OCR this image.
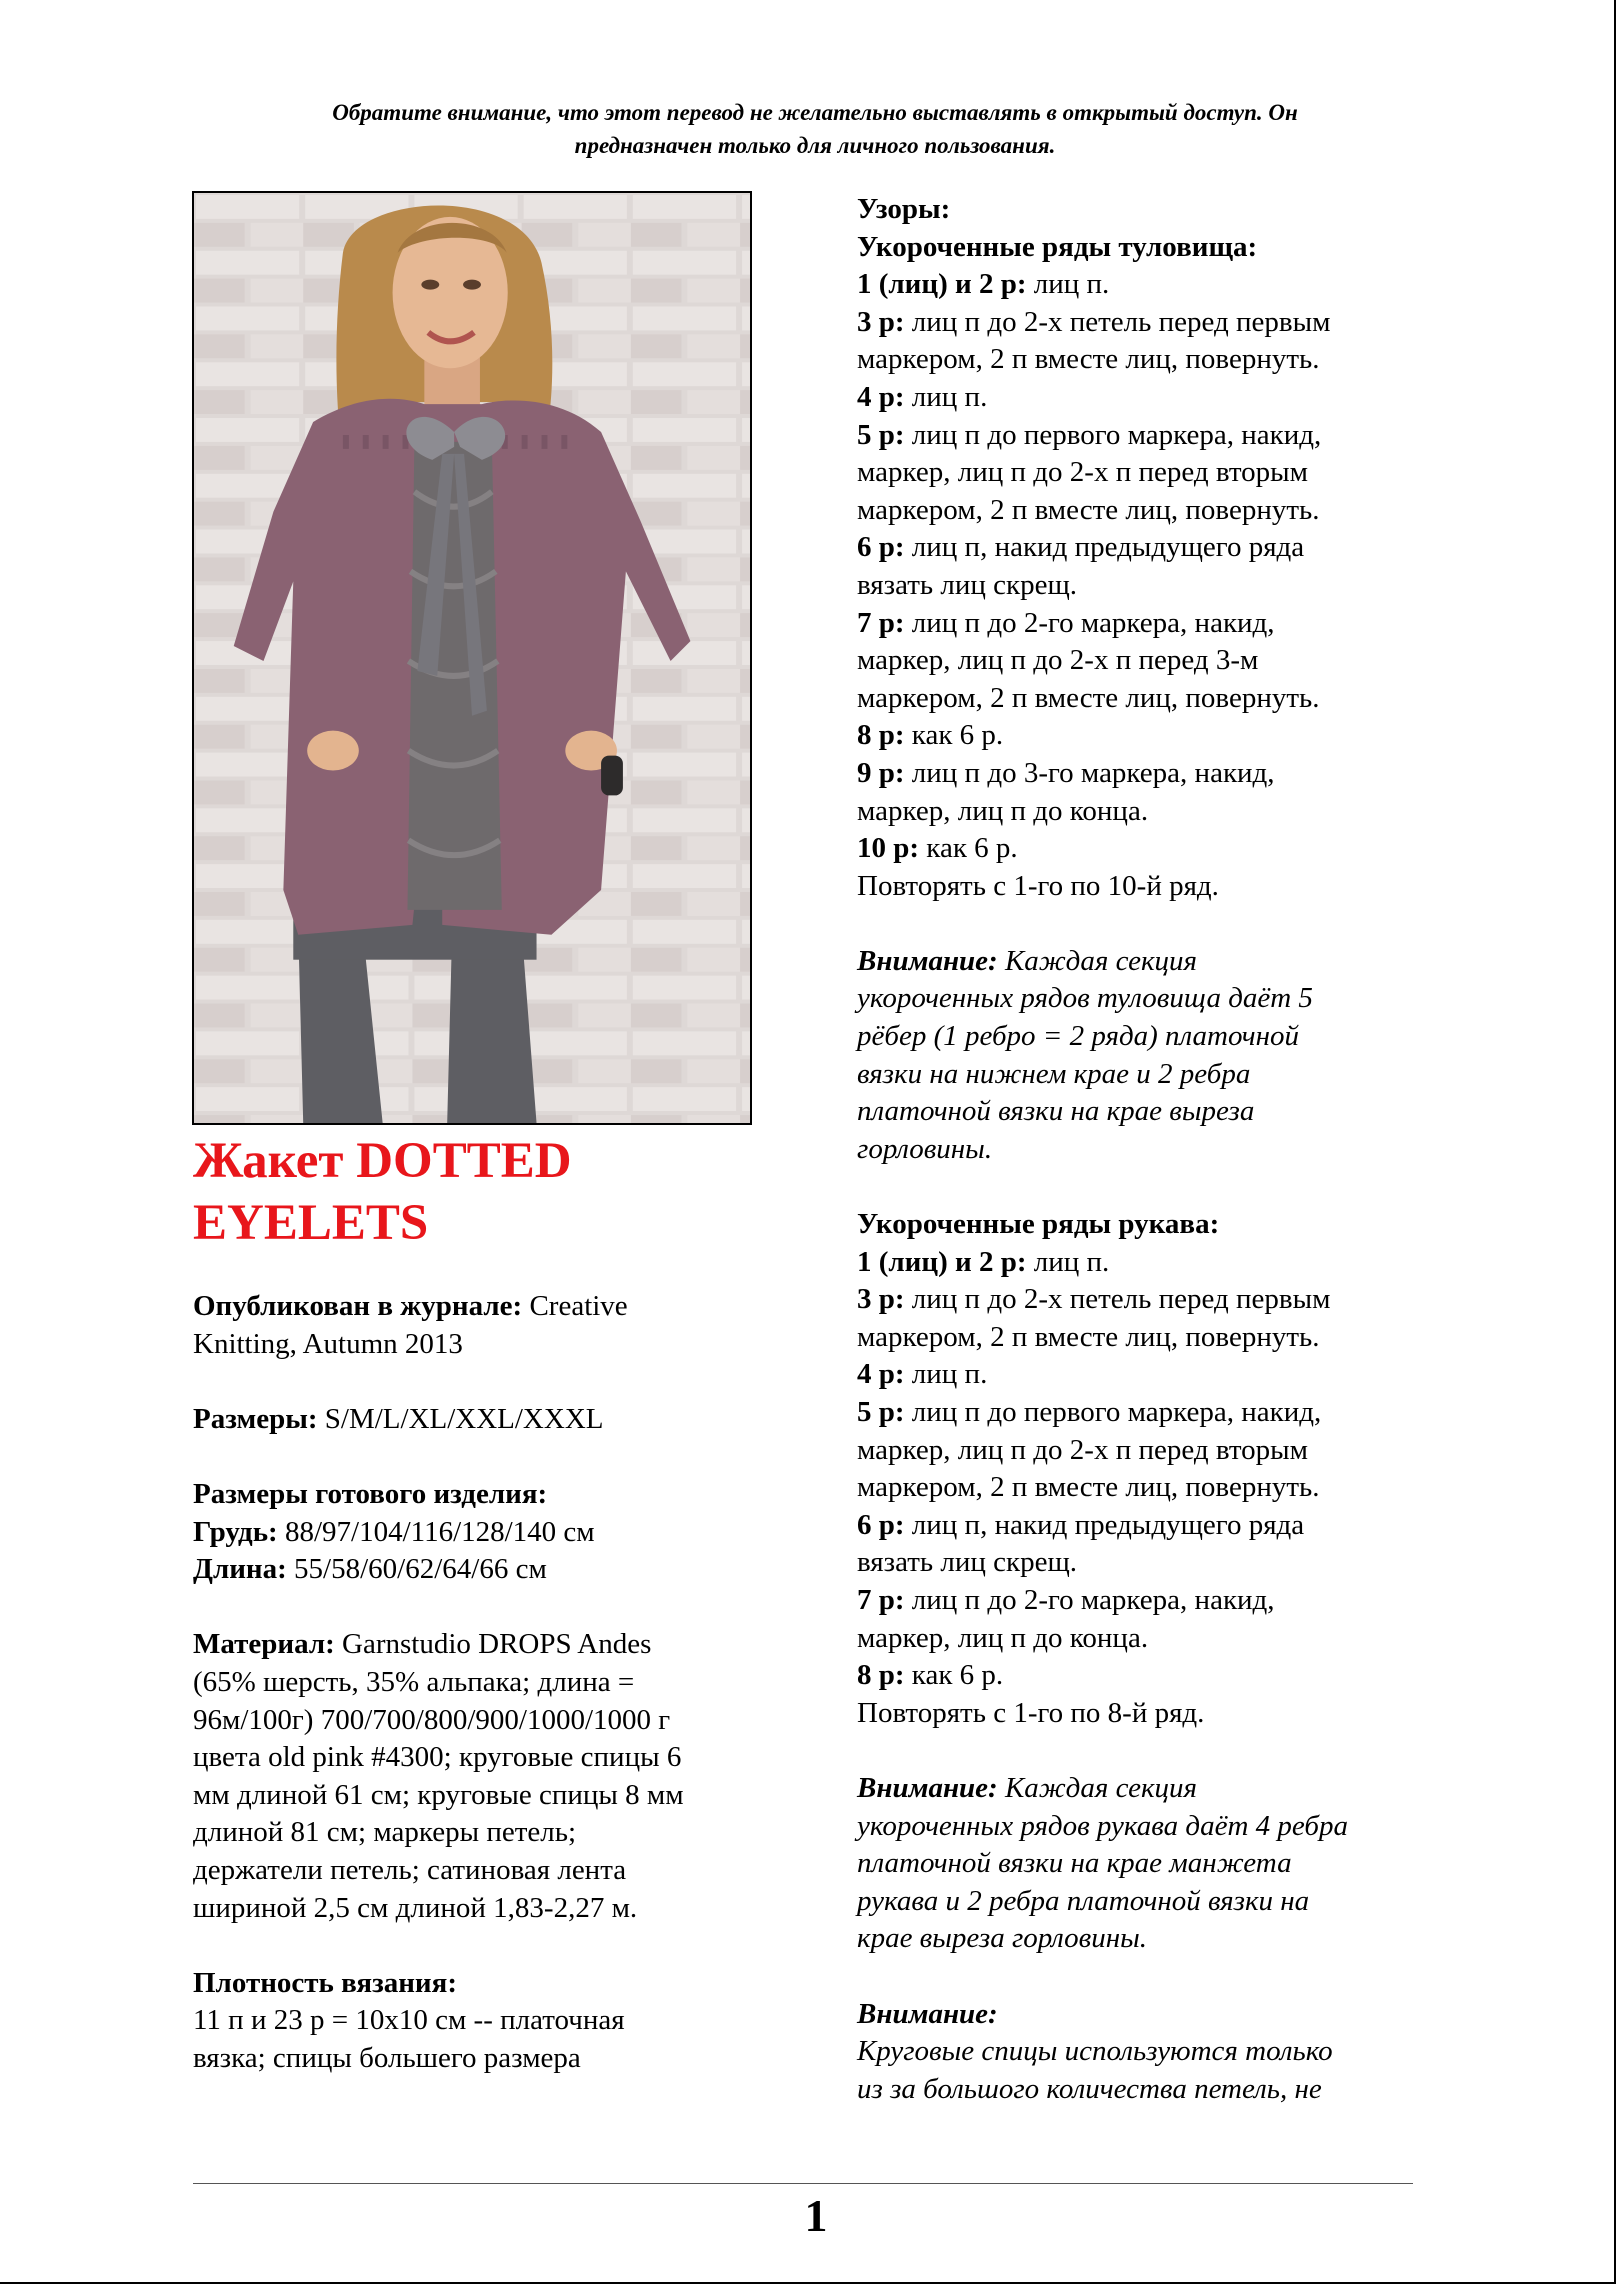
Обратите внимание, что этот перевод не желательно выставлять в открытый доступ. Он
предназначен только для личного пользования.
Жакет DOTTED
EYELETS

Опубликован в журнале: Creative
Knitting, Autumn 2013

Размеры: S/M/L/XL/XXL/XXXL

Размеры готового изделия:

Грудь: 88/97/104/116/128/140 см

Длина: 55/58/60/62/64/66 см

Материал: Garnstudio DROPS Andes
(65% шерсть, 35% альпака; длина =
96м/100г) 700/700/800/900/1000/1000 г
цвета old pink #4300; круговые спицы 6
мм длиной 61 см; круговые спицы 8 мм
длиной 81 см; маркеры петель;
держатели петель; сатиновая лента
шириной 2,5 см длиной 1,83-2,27 м.

Плотность вязания:

11 п и 23 р = 10х10 см -- платочная
вязка; спицы большего размера

Узоры:

Укороченные ряды туловища:

1 (лиц) и 2 р: лиц п.

3 р: лиц п до 2-х петель перед первым
маркером, 2 п вместе лиц, повернуть.

4 р: лиц п.

5 р: лиц п до первого маркера, накид,
маркер, лиц п до 2-х п перед вторым
маркером, 2 п вместе лиц, повернуть.

6 р: лиц п, накид предыдущего ряда
вязать лиц скрещ.

7 р: лиц п до 2-го маркера, накид,
маркер, лиц п до 2-х п перед 3-м
маркером, 2 п вместе лиц, повернуть.

8 р: как 6 р.

9 р: лиц п до 3-го маркера, накид,
маркер, лиц п до конца.

10 р: как 6 р.

Повторять с 1-го по 10-й ряд.

Внимание: Каждая секция
укороченных рядов туловища даёт 5
рёбер (1 ребро = 2 ряда) платочной
вязки на нижнем крае и 2 ребра
платочной вязки на крае выреза
горловины.

Укороченные ряды рукава:

1 (лиц) и 2 р: лиц п.

3 р: лиц п до 2-х петель перед первым
маркером, 2 п вместе лиц, повернуть.

4 р: лиц п.

5 р: лиц п до первого маркера, накид,
маркер, лиц п до 2-х п перед вторым
маркером, 2 п вместе лиц, повернуть.

6 р: лиц п, накид предыдущего ряда
вязать лиц скрещ.

7 р: лиц п до 2-го маркера, накид,
маркер, лиц п до конца.

8 р: как 6 р.

Повторять с 1-го по 8-й ряд.

Внимание: Каждая секция
укороченных рядов рукава даёт 4 ребра
платочной вязки на крае манжета
рукава и 2 ребра платочной вязки на
крае выреза горловины.

Внимание:

Круговые спицы используются только
из за большого количества петель, не

1
